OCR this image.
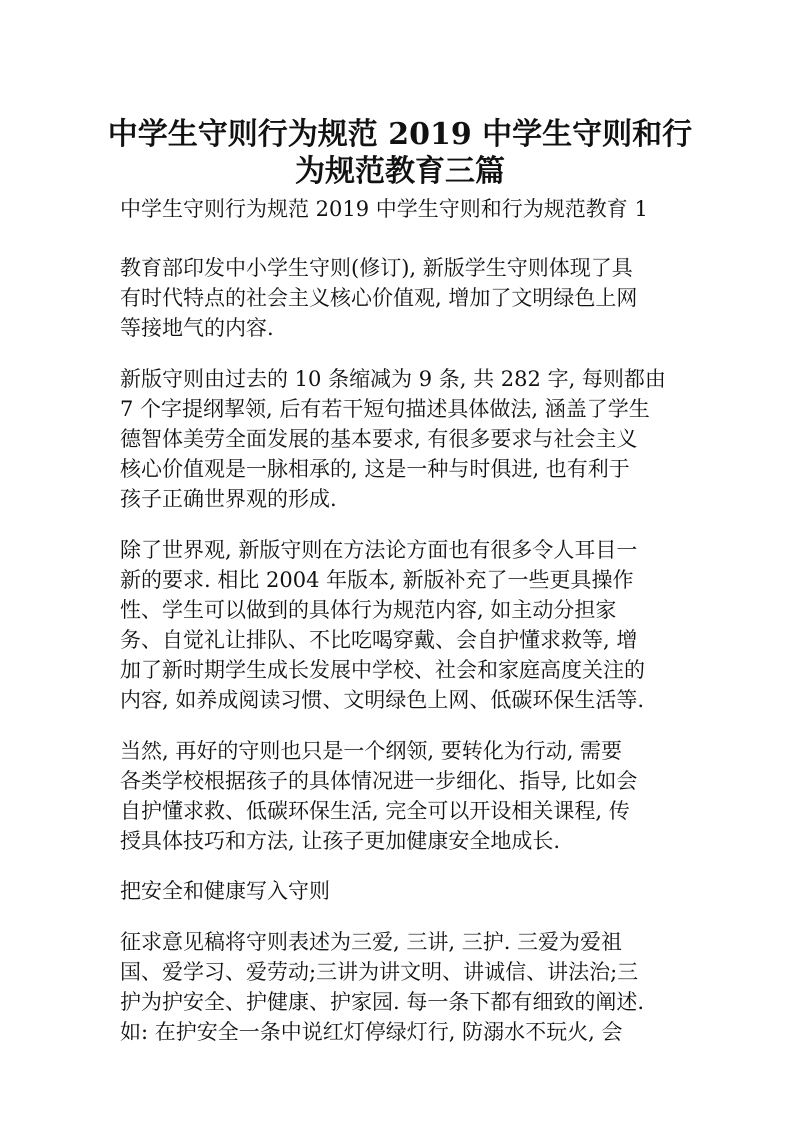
中学生守则行为规范 2019 中学生守则和行
为规范教育三篇

中学生守则行为规范 2019 中学生守则和行为规范教育 1

教育部印发中小学生守则(修订), 新版学生守则体现了具

有时代特点的社会主义核心价值观, 增加了文明绿色上网

等接地气的内容.

新版守则由过去的 10 条缩减为 9 条, 共 282 字, 每则都由

7 个字提纲挈领, 后有若干短句描述具体做法, 涵盖了学生

德智体美劳全面发展的基本要求, 有很多要求与社会主义

核心价值观是一脉相承的, 这是一种与时俱进, 也有利于

孩子正确世界观的形成.

除了世界观, 新版守则在方法论方面也有很多令人耳目一

新的要求. 相比 2004 年版本, 新版补充了一些更具操作

性、学生可以做到的具体行为规范内容, 如主动分担家

务、自觉礼让排队、不比吃喝穿戴、会自护懂求救等, 增

加了新时期学生成长发展中学校、社会和家庭高度关注的

内容, 如养成阅读习惯、文明绿色上网、低碳环保生活等.

当然, 再好的守则也只是一个纲领, 要转化为行动, 需要

各类学校根据孩子的具体情况进一步细化、指导, 比如会

自护懂求救、低碳环保生活, 完全可以开设相关课程, 传

授具体技巧和方法, 让孩子更加健康安全地成长.

把安全和健康写入守则

征求意见稿将守则表述为三爱, 三讲, 三护. 三爱为爱祖

国、爱学习、爱劳动;三讲为讲文明、讲诚信、讲法治;三

护为护安全、护健康、护家园. 每一条下都有细致的阐述.

如: 在护安全一条中说红灯停绿灯行, 防溺水不玩火, 会
